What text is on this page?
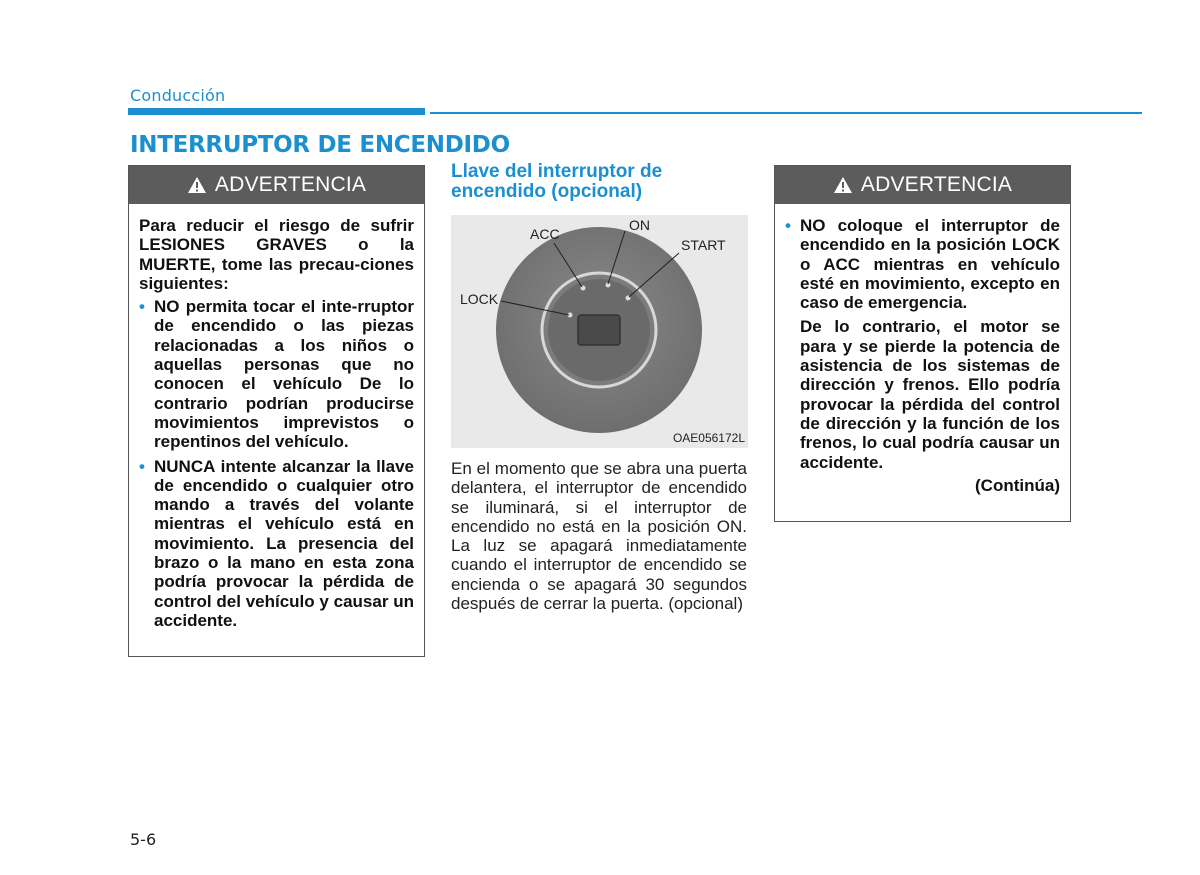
Conducción
INTERRUPTOR DE ENCENDIDO
ADVERTENCIA

Para reducir el riesgo de sufrir LESIONES GRAVES o la MUERTE, tome las precau-ciones siguientes:

• NO permita tocar el inte-rruptor de encendido o las piezas relacionadas a los niños o aquellas personas que no conocen el vehículo De lo contrario podrían producirse movimientos imprevistos o repentinos del vehículo.
• NUNCA intente alcanzar la llave de encendido o cualquier otro mando a través del volante mientras el vehículo está en movimiento. La presencia del brazo o la mano en esta zona podría provocar la pérdida de control del vehículo y causar un accidente.
Llave del interruptor de encendido (opcional)
ACC
ON
START
LOCK
OAE056172L
En el momento que se abra una puerta delantera, el interruptor de encendido se iluminará, si el interruptor de encendido no está en la posición ON. La luz se apagará inmediatamente cuando el interruptor de encendido se encienda o se apagará 30 segundos después de cerrar la puerta. (opcional)
ADVERTENCIA
• NO coloque el interruptor de encendido en la posición LOCK o ACC mientras en vehículo esté en movimiento, excepto en caso de emergencia.

De lo contrario, el motor se para y se pierde la potencia de asistencia de los sistemas de dirección y frenos. Ello podría provocar la pérdida del control de dirección y la función de los frenos, lo cual podría causar un accidente.

(Continúa)
5-6
